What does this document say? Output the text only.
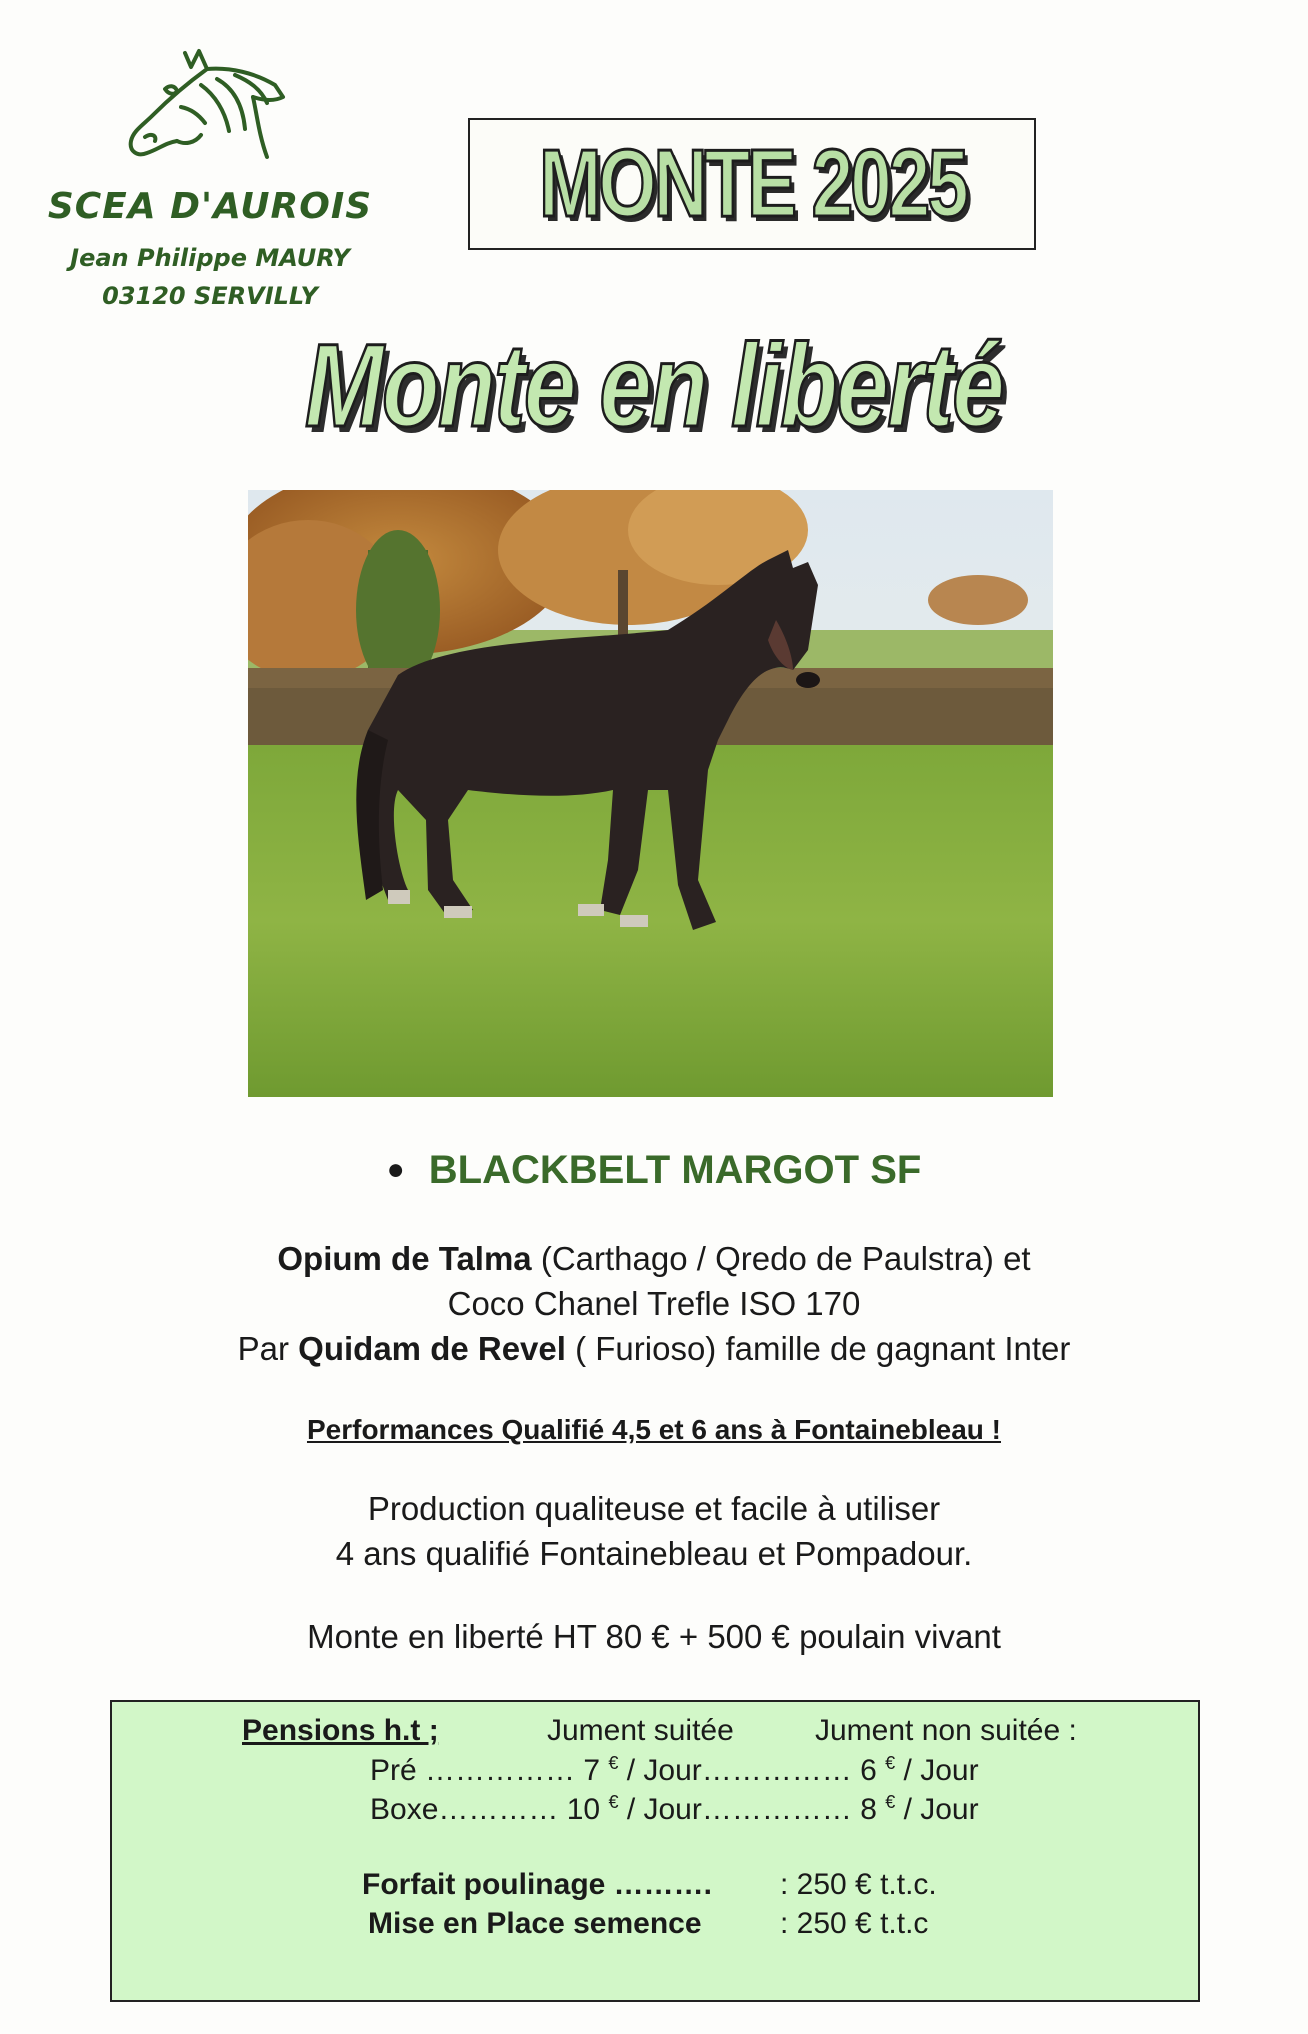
SCEA D'AUROIS
Jean Philippe MAURY
03120 SERVILLY
MONTE 2025
Monte en liberté
● BLACKBELT MARGOT SF
Opium de Talma (Carthago / Qredo de Paulstra) et
Coco Chanel Trefle ISO 170
Par Quidam de Revel ( Furioso) famille de gagnant Inter
Performances Qualifié 4,5 et 6 ans à Fontainebleau !
Production qualiteuse et facile à utiliser
4 ans qualifié Fontainebleau et Pompadour.
Monte en liberté HT 80 € + 500 € poulain vivant
Pensions h.t ;	Jument suitée	Jument non suitée :
Pré …………… 7 € / Jour…………… 6 € / Jour
Boxe………… 10 € / Jour…………… 8 € / Jour
Forfait poulinage ………. : 250 € t.t.c.
Mise en Place semence	: 250 € t.t.c
